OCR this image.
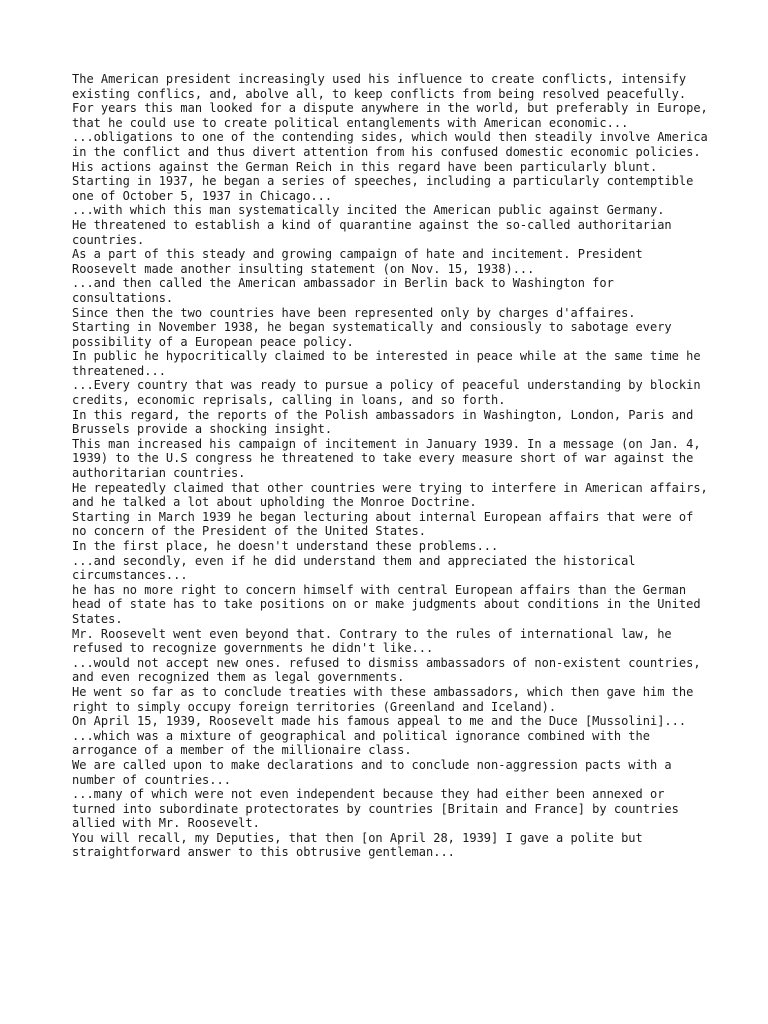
The American president increasingly used his influence to create conflicts, intensify existing conflics, and, abolve all, to keep conflicts from being resolved peacefully.

For years this man looked for a dispute anywhere in the world, but preferably in Europe, that he could use to create political entanglements with American economic...

...obligations to one of the contending sides, which would then steadily involve America in the conflict and thus divert attention from his confused domestic economic policies.

His actions against the German Reich in this regard have been particularly blunt.

Starting in 1937, he began a series of speeches, including a particularly contemptible one of October 5, 1937 in Chicago...

...with which this man systematically incited the American public against Germany.

He threatened to establish a kind of quarantine against the so-called authoritarian countries.

As a part of this steady and growing campaign of hate and incitement. President Roosevelt made another insulting statement (on Nov. 15, 1938)...

...and then called the American ambassador in Berlin back to Washington for consultations.

Since then the two countries have been represented only by charges d'affaires.

Starting in November 1938, he began systematically and consiously to sabotage every possibility of a European peace policy.

In public he hypocritically claimed to be interested in peace while at the same time he threatened...

...Every country that was ready to pursue a policy of peaceful understanding by blockin credits, economic reprisals, calling in loans, and so forth.

In this regard, the reports of the Polish ambassadors in Washington, London, Paris and Brussels provide a shocking insight.

This man increased his campaign of incitement in January 1939. In a message (on Jan. 4, 1939) to the U.S congress he threatened to take every measure short of war against the authoritarian countries.

He repeatedly claimed that other countries were trying to interfere in American affairs, and he talked a lot about upholding the Monroe Doctrine.

Starting in March 1939 he began lecturing about internal European affairs that were of no concern of the President of the United States.

In the first place, he doesn't understand these problems...

...and secondly, even if he did understand them and appreciated the historical circumstances...

he has no more right to concern himself with central European affairs than the German head of state has to take positions on or make judgments about conditions in the United States.

Mr. Roosevelt went even beyond that. Contrary to the rules of international law, he refused to recognize governments he didn't like...

...would not accept new ones. refused to dismiss ambassadors of non-existent countries, and even recognized them as legal governments.

He went so far as to conclude treaties with these ambassadors, which then gave him the right to simply occupy foreign territories (Greenland and Iceland).

On April 15, 1939, Roosevelt made his famous appeal to me and the Duce [Mussolini]...

...which was a mixture of geographical and political ignorance combined with the arrogance of a member of the millionaire class.

We are called upon to make declarations and to conclude non-aggression pacts with a number of countries...

...many of which were not even independent because they had either been annexed or turned into subordinate protectorates by countries [Britain and France] by countries allied with Mr. Roosevelt.

You will recall, my Deputies, that then [on April 28, 1939] I gave a polite but straightforward answer to this obtrusive gentleman...
